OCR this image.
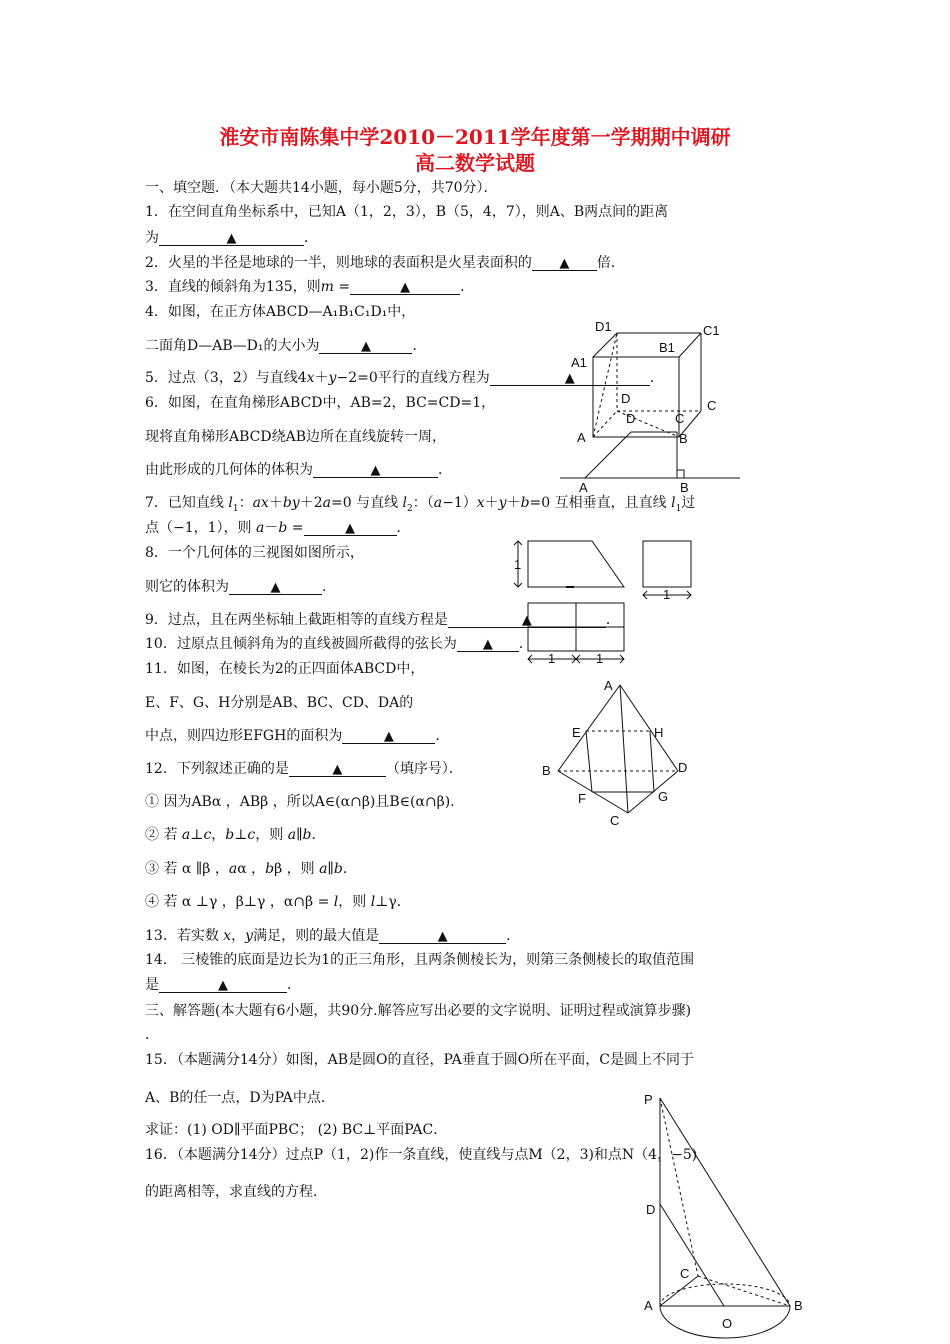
淮安市南陈集中学2010－2011学年度第一学期期中调研
高二数学试题
一、填空题．（本大题共14小题，每小题5分，共70分）．
1．在空间直角坐标系中，已知A（1，2，3），B（5，4，7），则A、B两点间的距离
为	▲	．
2．火星的半径是地球的一半，则地球的表面积是火星表面积的 ▲ 倍．
3．直线的倾斜角为135，则m =	▲	．
4．如图，在正方体ABCD—A₁B₁C₁D₁中，
二面角D—AB—D₁的大小为	▲	．
5．过点（3，2）与直线4x＋y−2=0平行的直线方程为	▲	．
6．如图，在直角梯形ABCD中，AB=2，BC=CD=1，
现将直角梯形ABCD绕AB边所在直线旋转一周，
由此形成的几何体的体积为	▲	．
7．已知直线 $l_1$：ax＋by＋2a=0 与直线 $l_2$：（a−1）x＋y＋b=0 互相垂直，且直线 $l_1$过
点（−1，1），则 a－b =	▲	．
8．一个几何体的三视图如图所示，
则它的体积为	▲	．
9．过点，且在两坐标轴上截距相等的直线方程是	▲	．
10．过原点且倾斜角为的直线被圆所截得的弦长为 ▲ ．
11．如图，在棱长为2的正四面体ABCD中，
E、F、G、H分别是AB、BC、CD、DA的
中点，则四边形EFGH的面积为	▲	．
12．下列叙述正确的是	▲	（填序号）．
① 因为ABα ，ABβ ，所以A∈(α∩β)且B∈(α∩β)．
② 若 a⊥c，b⊥c，则 a∥b．
③ 若 α ∥β ，aα ，bβ ，则 a∥b．
④ 若 α ⊥γ ，β⊥γ ，α∩β = l，则 l⊥γ．
13．若实数 x，y满足，则的最大值是	▲	．
14． 三棱锥的底面是边长为1的正三角形，且两条侧棱长为，则第三条侧棱长的取值范围
是	▲	．
三、解答题(本大题有6小题，共90分.解答应写出必要的文字说明、证明过程或演算步骤)
．
15．（本题满分14分）如图，AB是圆O的直径，PA垂直于圆O所在平面，C是圆上不同于
A、B的任一点，D为PA中点．
求证：(1) OD∥平面PBC； (2) BC⊥平面PAC．
16．（本题满分14分）过点P（1，2)作一条直线，使直线与点M（2，3)和点N（4，−5)
的距离相等，求直线的方程．
D1	C1
A1
B1
D	C
A	B
D	C
A	B
1
1
1	1
A
E	H
B	D
F	G
C
P
D
C
A	B
O
